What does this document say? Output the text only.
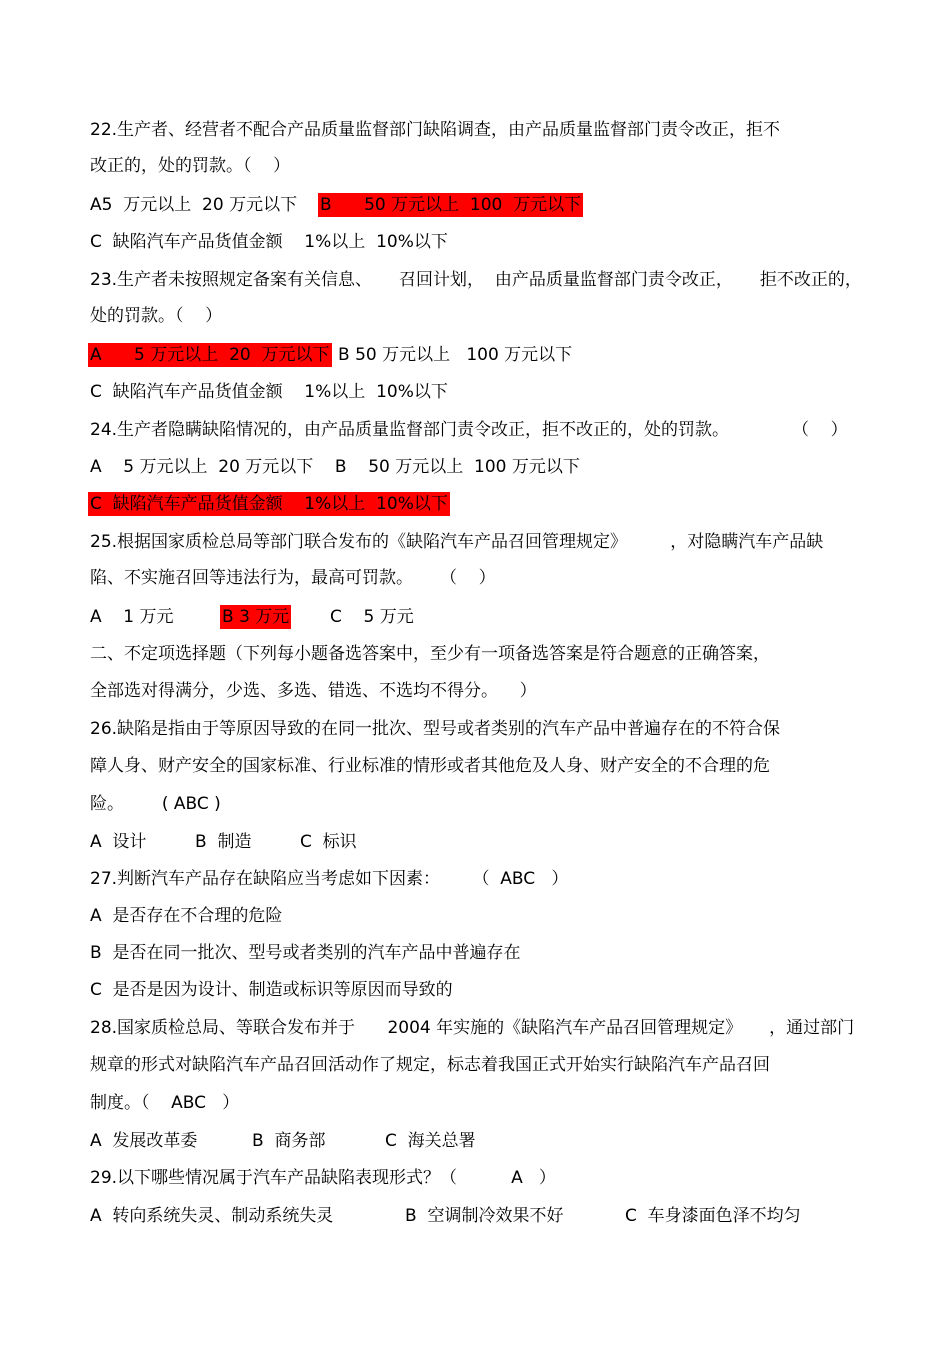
22.生产者、经营者不配合产品质量监督部门缺陷调查，由产品质量监督部门责令改正，拒不
改正的，处的罚款。（    ）
A5  万元以上  20 万元以下 B      50 万元以上  100  万元以下
C  缺陷汽车产品货值金额    1%以上  10%以下
23.生产者未按照规定备案有关信息、     召回计划，  由产品质量监督部门责令改正，     拒不改正的，
处的罚款。（    ）
A      5 万元以上  20  万元以下 B 50 万元以上   100 万元以下
C  缺陷汽车产品货值金额    1%以上  10%以下
24.生产者隐瞒缺陷情况的，由产品质量监督部门责令改正，拒不改正的，处的罚款。	（    ）
A    5 万元以上  20 万元以下    B    50 万元以上  100 万元以下
C  缺陷汽车产品货值金额    1%以上  10%以下
25.根据国家质检总局等部门联合发布的《缺陷汽车产品召回管理规定》        ，对隐瞒汽车产品缺
陷、不实施召回等违法行为，最高可罚款。     （    ）
A    1 万元	B 3 万元 C    5 万元
二、不定项选择题（下列每小题备选答案中，至少有一项备选答案是符合题意的正确答案，
全部选对得满分，少选、多选、错选、不选均不得分。    ）
26.缺陷是指由于等原因导致的在同一批次、型号或者类别的汽车产品中普遍存在的不符合保
障人身、财产安全的国家标准、行业标准的情形或者其他危及人身、财产安全的不合理的危
险。       ( ABC )
A  设计	B  制造	C  标识
27.判断汽车产品存在缺陷应当考虑如下因素：      （  ABC   ）
A  是否存在不合理的危险
B  是否在同一批次、型号或者类别的汽车产品中普遍存在
C  是否是因为设计、制造或标识等原因而导致的
28.国家质检总局、等联合发布并于      2004 年实施的《缺陷汽车产品召回管理规定》     ，通过部门
规章的形式对缺陷汽车产品召回活动作了规定，标志着我国正式开始实行缺陷汽车产品召回
制度。（    ABC   ）
A  发展改革委	B  商务部	C  海关总署
29.以下哪些情况属于汽车产品缺陷表现形式？（          A   ）
A  转向系统失灵、制动系统失灵	B  空调制冷效果不好	C  车身漆面色泽不均匀
